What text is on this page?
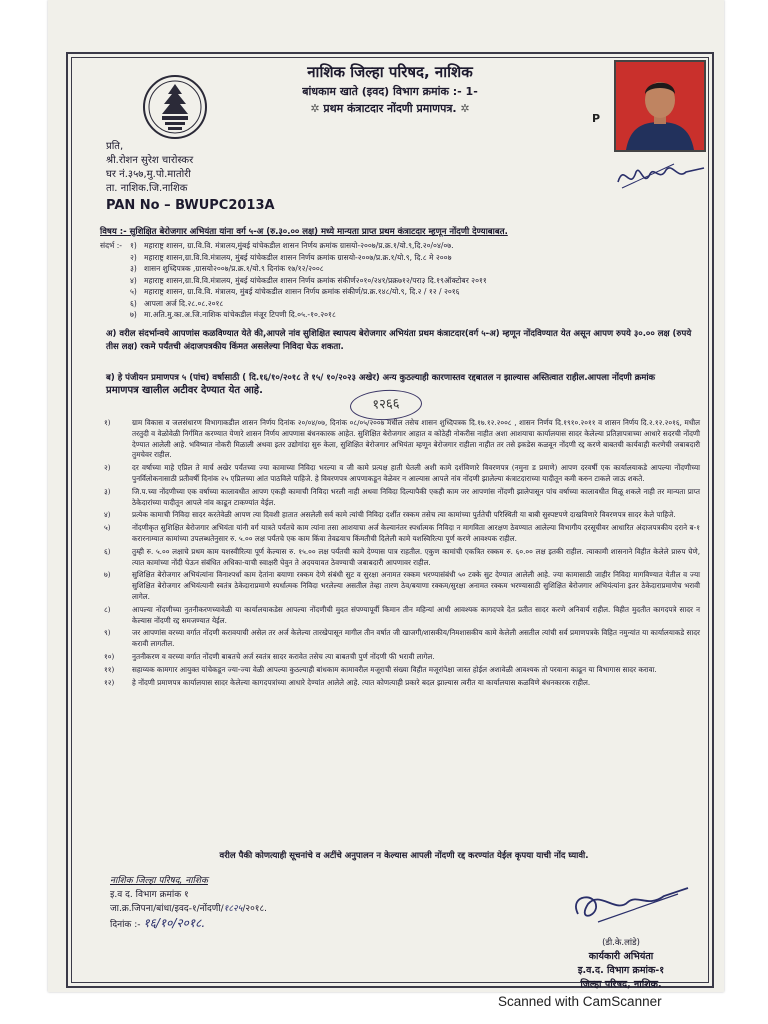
नाशिक जिल्हा परिषद, नाशिक
बांधकाम खाते (इवद) विभाग क्रमांक :- 1-
✲ प्रथम कंत्राटदार नोंदणी प्रमाणपत्र. ✲
P
प्रति,
श्री.रोशन सुरेश चारोस्कर
घर नं.३५७,मु.पो.मातोरी
ता. नाशिक.जि.नाशिक
PAN No – BWUPC2013A
विषय :- सुशिक्षित बेरोजगार अभियंता यांना वर्ग ५-अ (रु.३०.०० लक्ष) मध्ये मान्यता प्राप्त प्रथम कंत्राटदार म्हणून नोंदणी देण्याबाबत.
संदर्भ :-	१) महाराष्ट्र शासन, ग्रा.वि.वि. मंत्रालय,मुंबई यांचेकडील शासन निर्णय क्रमांक ग्रासयो-२००७/प्र.क्र.१/यो.९,दि.२०/०४/०७.
२) महाराष्ट्र शासन,ग्रा.वि.वि.मंत्रालय, मुंबई यांचेकडील शासन निर्णय क्रमांक ग्रासयो-२००७/प्र.क्र.१/यो.९, दि.८ मे २००७
३) शासन शुध्दिपत्रक ,ग्रासयो२००७/प्र.क्र.१/यो.९ दिनांक १७/१२/२००८
४) महाराष्ट्र शासन,ग्रा.वि.वि.मंत्रालय, मुंबई यांचेकडील शासन निर्णय क्रमांक संकीर्ण२०१०/२४१/प्रक्र७१२/परा३ दि.१९ऑक्टोबर २०११
५) महाराष्ट्र शासन, ग्रा.वि.वि. मंत्रालय, मुंबई यांचेकडील शासन निर्णय क्रमांक संकीर्ण/प्र.क्र.१४८/यो.९, दि.२ / १२ / २०१६
६) आपला अर्ज दि.२८.०८.२०१८
७) मा.अति.मु.का.अ.जि.नाशिक यांचेकडील मंजूर टिपणी दि.०५.-१०.२०१८
अ) वरील संदर्भान्वये आपणांस कळविण्यात येते की,आपले नांव सुशिक्षित स्थापत्य बेरोजगार अभियंता प्रथम कंत्राटदार(वर्ग ५-अ) म्हणून नोंदविण्यात येत असून आपण रुपये ३०.०० लक्ष (रुपये तीस लक्ष) रकमे पर्यंतची अंदाजपत्रकीय किंमत असलेल्या निविदा घेऊ शकता.
ब) हे पंजीयन प्रमाणपत्र ५ (पांच) वर्षासाठी ( दि.१६/१०/२०१८ ते १५/ १०/२०२३ अखेर) अन्य कुठल्याही कारणास्तव रद्दबातल न झाल्यास अस्तित्वात राहील.आपला नोंदणी क्रमांक
प्रमाणपत्र खालील अटीवर देण्यात येत आहे.
१२६६
१)	ग्राम विकास व जलसंधारण विभागाकडील शासन निर्णय दिनांक २०/०४/०७, दिनांक ०८/०५/२००७ मधील तसेच शासन शुध्दिपत्रक दि.१७.१२.२००८ , शासन निर्णय दि.१९१०.२०११ व शासन निर्णय दि.२.१२.२०१६, मधील तरतुदी व वेळोवेळी निर्गमित करण्यात येणारे शासन निर्णय आपणास बंधनकारक आहेत. सुशिक्षित बेरोजगार आहात व कोठेही नोकरीस नाहीत अशा आशयाचा कार्यालयास सादर केलेल्या प्रतिज्ञापत्राच्या आधारे सदरची नोंदणी देण्यात आलेली आहे. भविष्यात नोकरी मिळाली अथवा इतर उद्योगांदा सुरु केला, सुशिक्षित बेरोजगार अभियंता म्हणून बेरोजगार राहीला नाहीत तर तसे इकडेस कळवून नोंदणी रद्द करणे बाबतची कार्यवाही करणेची जबाबदारी तुमचेवर राहील.
२)	दर वर्षाच्या माहे एप्रिल ते मार्च अखेर पर्यंतच्या ज्या कामाच्या निविदा भरल्या व जी कामे प्रत्यक्ष हाती घेतली अशी कामे दर्शविणारे विवरणपत्र (नमुना ड प्रमाणे) आपण दरवर्षी एक कार्यालयाकडे आपल्या नोंदणीच्या पुनर्विलोकनासाठी प्रतीवर्षी दिनांक २५ एप्रिलच्या आंत पाठविले पाहिजे. हे विवरणपत्र आपणाकडून वेळेवर न आल्यास आपले नांव नोंदणी झालेल्या कंत्राटदाराच्या यादीतून कमी करुन टाकले जाऊ शकते.
३)	जि.प.च्या नोंदणीच्या एक वर्षाच्या कालावधीत आपण एकही कामाची निविदा भरली नाही अथवा निविदा दिल्यापैकी एकही काम जर आपणांस नोंदणी झालेपासून पांच वर्षाच्या कालावधीत मिळू शकले नाही तर मान्यता प्राप्त ठेकेदारांच्या यादीतून आपले नांव काढून टाकण्यांत येईल.
४)	प्रत्येक कामाची निविदा सादर करतेवेळी आपण त्या दिवशी हातात असलेली सर्व कामे त्यांची निविदा दर्शीत रक्कम तसेच त्या कामांच्या पुर्ततेची परिस्थिती या बाबी सुस्पष्टपणे दाखविणारे विवरणपत्र सादर केले पाहिजे.
५)	नोंदणीकृत सुशिक्षित बेरोजगार अभियंता यांनी वर्ग यात्रते पर्यंतचे काम त्यांना तसा आशयाचा अर्ज केल्यानंतर स्पर्धात्मक निविदा न मागविता आरक्षण ठेवण्यात आलेल्या विभागीय दरसूचीवर आधारित अंदाजपत्रकीय दराने ब-१ करारनाम्यात कामांच्या उपलब्धतेनुसार रु. ५.०० लक्ष पर्यंतचे एक काम किंवा तेवढयाच किंमतीची दिलेली कामे यशस्विरित्या पूर्ण करणे आवश्यक राहील.
६)	तुम्ही रु. ५.०० लक्षाचे प्रथम काम यशस्वीरित्या पूर्ण केल्यास रु. १५.०० लक्ष पर्यंतची कामे देण्यास पात्र राहतील. एकुण कामांची एकत्रित रक्कम रु. ६०.०० लक्ष इतकी राहील. त्याकामी शासनाने विहीत केलेले प्रारुप घेणे, त्यात कामांच्या नोंदी घेऊन संबंधित अधिका-याची स्वाक्षरी घेवुन ते अदययावत ठेवण्याची जबाबदारी आपणावर राहील.
७)	सुशिक्षित बेरोजगार अभियंत्यांना विनाश्पर्धा काम देतांना बयाणा रक्कम देणे संबंधी सुट व सुरक्षा अनामत रक्कम भरण्यासंबंधी ५० टक्के सुट देण्यात आलेली आहे. ज्या कामासाठी जाहीर निविदा मागविण्यात येतील व ज्या सुशिक्षित बेरोजगार अभियंत्यानी स्वतंत्र ठेकेदाराप्रमाणे स्पर्धात्मक निविदा भरलेल्या असतील तेव्हा तारण ठेव/बयाणा रक्कम/सुरक्षा अनामत रक्कम भरण्यासाठी सुशिक्षित बेरोजगार अभियंत्यांना इतर ठेकेदाराप्रमाणेच भरावी लागेल.
८)	आपल्या नोंदणीच्या नुतनीकरणच्यावेळी या कार्यालयाकडेस आपल्या नोंदणीची मुदत संपण्यापूर्वी किमान तीन महिन्यां आधी आवश्यक कागदपत्रे देत प्रतीत सादर करणे अनिवार्य राहील. विहीत मुदतीत कागदपत्रे सादर न केल्यास नोंदणी रद्द समजण्यात येईल.
९)	जर आपणांस वरच्या वर्गात नोंदणी करावयाची असेल तर अर्ज केलेल्या तारखेपासून मागील तीन वर्षात जी खाजगी/शासकीय/निमशासकीय कामे केलेली असतील त्यांची सर्व प्रमाणपत्रके विहित नमुन्यांत या कार्यालयाकडे सादर करावी लागतील.
१०)	नुतनीकरण व वरच्या वर्गात नोंदणी बाबतचे अर्ज स्वतंत्र सादर करावेत तसेच त्या बाबतची पुर्ण नोंदणी फी भरावी लागेल.
११)	सहाय्यक कामगार आयुक्त यांचेकडून ज्या-ज्या वेळी आपल्या कुठल्याही बांधकाम कामावरील मजूराची संख्या विहीत मजूरांपेक्षा जास्त होईल अशावेळी आवश्यक तो परवाना काढून या विभागास सादर करावा.
१२)	हे नोंदणी प्रमाणपत्र कार्यालयास सादर केलेल्या कागदपत्रांच्या आधारे देण्यांत आलेले आहे. त्यात कोणत्याही प्रकारे बदल झाल्यास त्वरीत या कार्यालयास कळविणे बंधनकारक राहील.
वरील पैकी कोणत्याही सूचनांचे व अटींचे अनुपालन न केल्यास आपली नोंदणी रद्द करण्यांत येईल कृपया याची नोंद घ्यावी.
नाशिक जिल्हा परिषद, नाशिक
इ.व द. विभाग क्रमांक १
जा.क्र.जिपना/बांधा/इवद-१/नोंदणी/१८२५/२०१८.
दिनांक :- १६/१०/२०१८.
(डी.के.लांडे)
कार्यकारी अभियंता
इ.व.द. विभाग क्रमांक-१
जिल्हा परिषद, नाशिक.
Scanned with CamScanner
